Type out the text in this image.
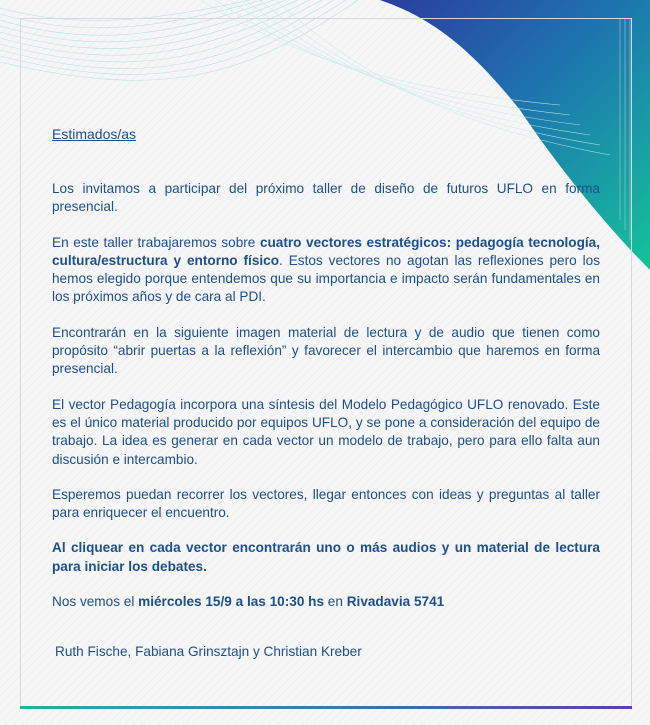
Estimados/as

Los invitamos a participar del próximo taller de diseño de futuros UFLO en forma presencial.

En este taller trabajaremos sobre cuatro vectores estratégicos: pedagogía tecnología, cultura/estructura y entorno físico. Estos vectores no agotan las reflexiones pero los hemos elegido porque entendemos que su importancia e impacto serán fundamentales en los próximos años y de cara al PDI.

Encontrarán en la siguiente imagen material de lectura y de audio que tienen como propósito “abrir puertas a la reflexión” y favorecer el intercambio que haremos en forma presencial.

El vector Pedagogía incorpora una síntesis del Modelo Pedagógico UFLO renovado. Este es el único material producido por equipos UFLO, y se pone a consideración del equipo de trabajo. La idea es generar en cada vector un modelo de trabajo, pero para ello falta aun discusión e intercambio.

Esperemos puedan recorrer los vectores, llegar entonces con ideas y preguntas al taller para enriquecer el encuentro.

Al cliquear en cada vector encontrarán uno o más audios y un material de lectura para iniciar los debates.

Nos vemos el miércoles 15/9 a las 10:30 hs en Rivadavia 5741

Ruth Fische, Fabiana Grinsztajn y Christian Kreber
